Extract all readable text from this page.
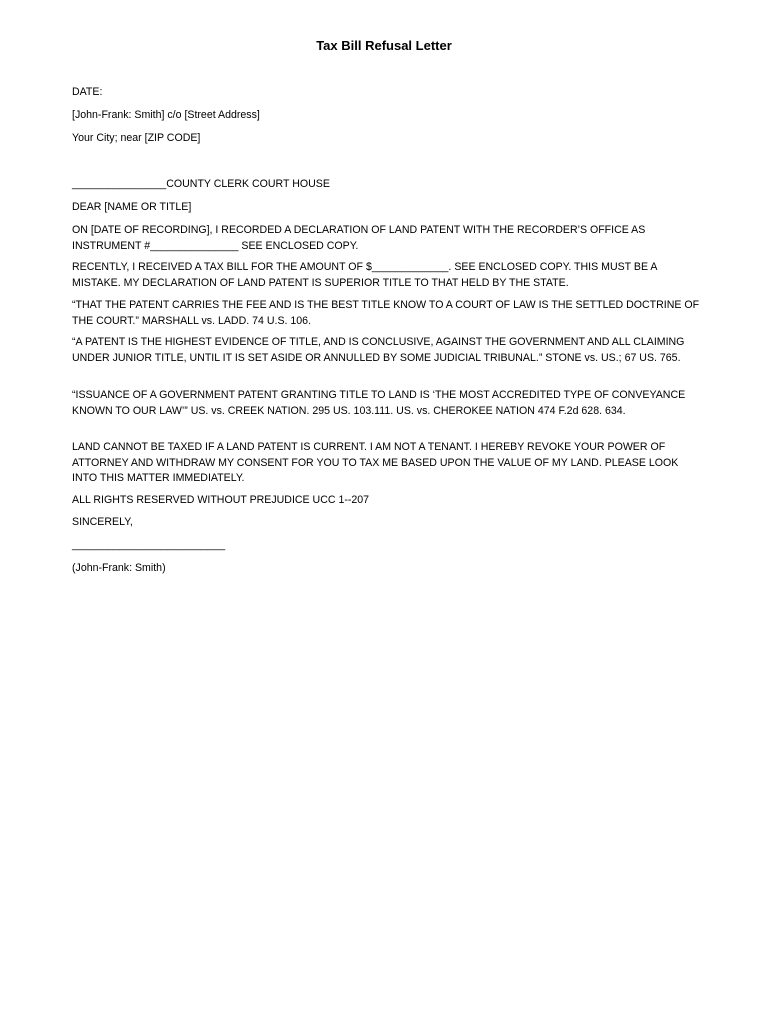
Tax Bill Refusal Letter
DATE:
[John-Frank: Smith] c/o [Street Address]
Your City; near [ZIP CODE]
________________COUNTY CLERK COURT HOUSE
DEAR [NAME OR TITLE]
ON [DATE OF RECORDING], I RECORDED A DECLARATION OF LAND PATENT WITH THE RECORDER’S OFFICE AS INSTRUMENT #_______________ SEE ENCLOSED COPY.
RECENTLY, I RECEIVED A TAX BILL FOR THE AMOUNT OF $_____________. SEE ENCLOSED COPY. THIS MUST BE A MISTAKE. MY DECLARATION OF LAND PATENT IS SUPERIOR TITLE TO THAT HELD BY THE STATE.
“THAT THE PATENT CARRIES THE FEE AND IS THE BEST TITLE KNOW TO A COURT OF LAW IS THE SETTLED DOCTRINE OF THE COURT.” MARSHALL vs. LADD. 74 U.S. 106.
“A PATENT IS THE HIGHEST EVIDENCE OF TITLE, AND IS CONCLUSIVE, AGAINST THE GOVERNMENT AND ALL CLAIMING UNDER JUNIOR TITLE, UNTIL IT IS SET ASIDE OR ANNULLED BY SOME JUDICIAL TRIBUNAL.” STONE vs. US.; 67 US. 765.
“ISSUANCE OF A GOVERNMENT PATENT GRANTING TITLE TO LAND IS ‘THE MOST ACCREDITED TYPE OF CONVEYANCE KNOWN TO OUR LAW’” US. vs. CREEK NATION. 295 US. 103.111. US. vs. CHEROKEE NATION 474 F.2d 628. 634.
LAND CANNOT BE TAXED IF A LAND PATENT IS CURRENT. I AM NOT A TENANT. I HEREBY REVOKE YOUR POWER OF ATTORNEY AND WITHDRAW MY CONSENT FOR YOU TO TAX ME BASED UPON THE VALUE OF MY LAND. PLEASE LOOK INTO THIS MATTER IMMEDIATELY.
ALL RIGHTS RESERVED WITHOUT PREJUDICE UCC 1--207
SINCERELY,
__________________________
(John-Frank: Smith)
